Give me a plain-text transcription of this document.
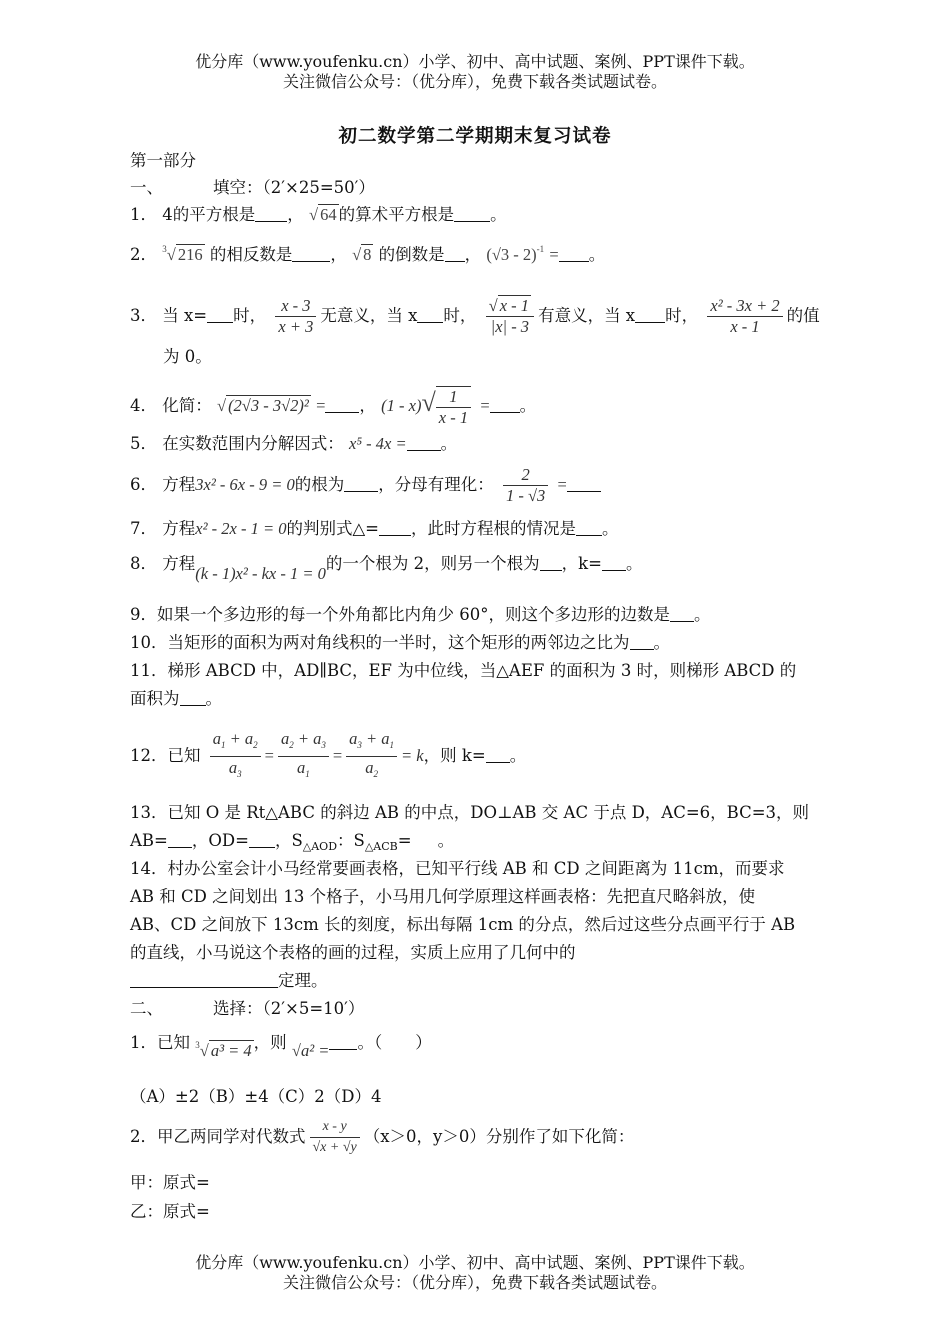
优分库（www.youfenku.cn）小学、初中、高中试题、案例、PPT课件下载。
关注微信公众号：（优分库），免费下载各类试题试卷。
初二数学第二学期期末复习试卷
第一部分
一、	填空：（2′×25=50′）
1． 4的平方根是 ， √ 64 的算术平方根是 。
2． $^3$√ 216 的相反数是 ， √ 8 的倒数是 ， (√3 - 2)$^{-1}$ = 。
3． 当 x= 时， $\frac{x - 3}{x + 3}$ 无意义，当 x 时， $\frac{√ x - 1}{|x| - 3}$ 有意义，当 x 时， $\frac{\text{x² - 3x + 2}}{x - 1}$ 的值
为 0。
4． 化简： √ (2√3 - 3√2)² = ， $(1 - x)√ \frac{1}{x - 1}$ = 。
5． 在实数范围内分解因式： x⁵ - 4x = 。
6． 方程3x² - 6x - 9 = 0的根为 ，分母有理化： $\frac{2}{1 - √3}$ =
7． 方程x² - 2x - 1 = 0的判别式△= ，此时方程根的情况是 。
8． 方程(k - 1)x² - kx - 1 = 0的一个根为 2，则另一个根为 ，k= 。
9．如果一个多边形的每一个外角都比内角少 60°，则这个多边形的边数是 。
10．当矩形的面积为两对角线积的一半时，这个矩形的两邻边之比为 。
11．梯形 ABCD 中，AD∥BC，EF 为中位线，当△AEF 的面积为 3 时，则梯形 ABCD 的
面积为 。
12．已知 $\frac{a_1 + a_2}{a_3} = \frac{a_2 + a_3}{a_1} = \frac{a_3 + a_1}{a_2} = k$，则 k= 。
13．已知 O 是 Rt△ABC 的斜边 AB 的中点，DO⊥AB 交 AC 于点 D，AC=6，BC=3，则
AB= ，OD= ，$S_{\triangle AOD}$：$S_{\triangle ACB}=$ 。
14．村办公室会计小马经常要画表格，已知平行线 AB 和 CD 之间距离为 11cm，而要求
AB 和 CD 之间划出 13 个格子，小马用几何学原理这样画表格：先把直尺略斜放，使
AB、CD 之间放下 13cm 长的刻度，标出每隔 1cm 的分点，然后过这些分点画平行于 AB
的直线，小马说这个表格的画的过程，实质上应用了几何中的
定理。
二、	选择：（2′×5=10′）
1．已知 $^3$√ a³ = 4 ，则 √a² = 。（　　）
（A）±2（B）±4（C）2（D）4
2．甲乙两同学对代数式 $\frac{x - y}{√x + √y} (x>0$，y＞0）分别作了如下化简：
甲：原式=
乙：原式=
优分库（www.youfenku.cn）小学、初中、高中试题、案例、PPT课件下载。
关注微信公众号：（优分库），免费下载各类试题试卷。
